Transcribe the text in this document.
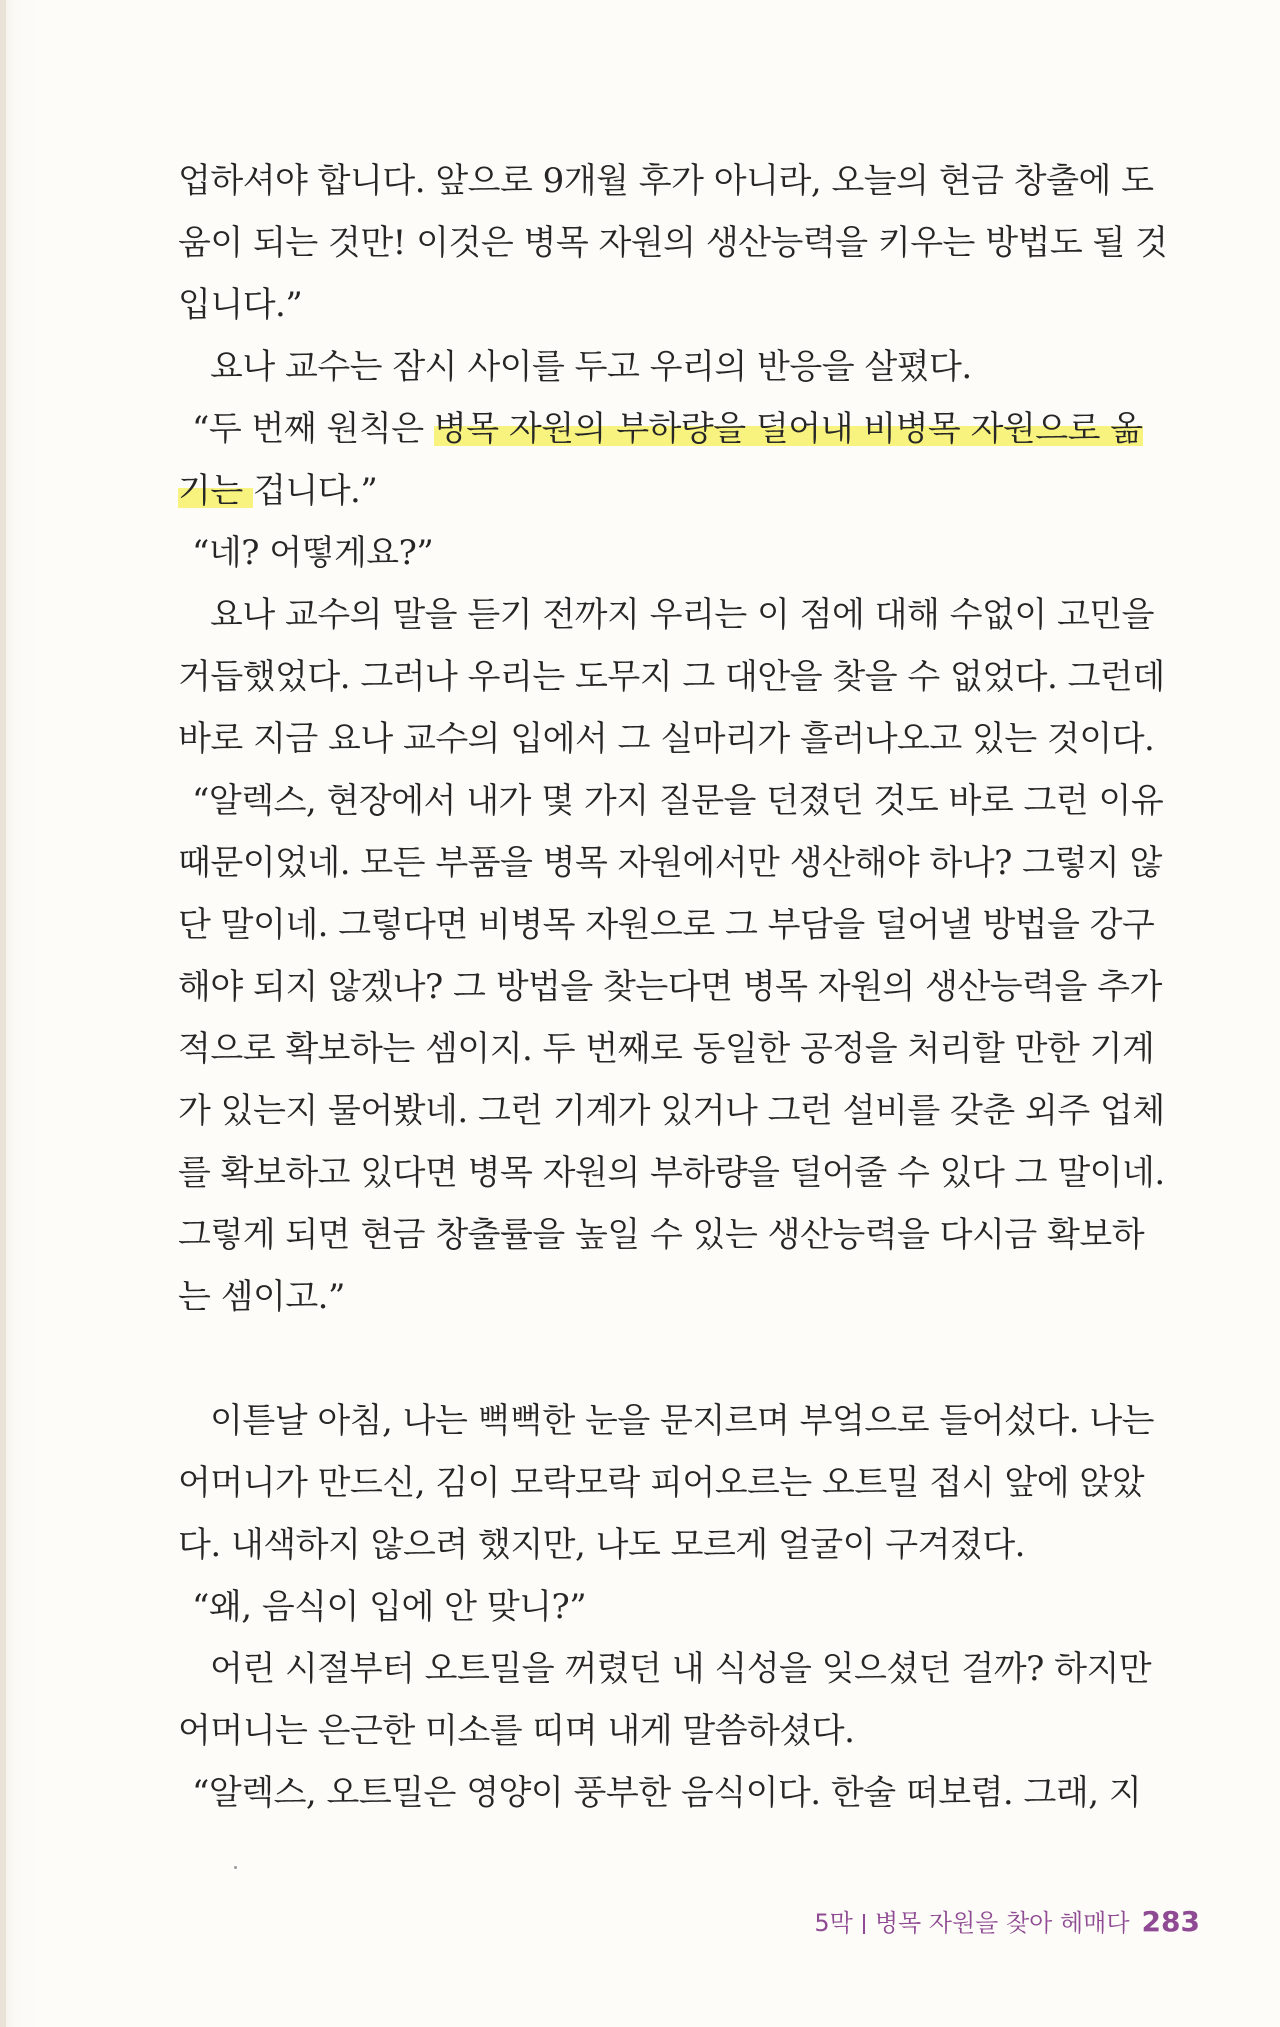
업하셔야 합니다. 앞으로 9개월 후가 아니라, 오늘의 현금 창출에 도
움이 되는 것만! 이것은 병목 자원의 생산능력을 키우는 방법도 될 것
입니다.”
요나 교수는 잠시 사이를 두고 우리의 반응을 살폈다.
“두 번째 원칙은 병목 자원의 부하량을 덜어내 비병목 자원으로 옮
기는 겁니다.”
“네? 어떻게요?”
요나 교수의 말을 듣기 전까지 우리는 이 점에 대해 수없이 고민을
거듭했었다. 그러나 우리는 도무지 그 대안을 찾을 수 없었다. 그런데
바로 지금 요나 교수의 입에서 그 실마리가 흘러나오고 있는 것이다.
“알렉스, 현장에서 내가 몇 가지 질문을 던졌던 것도 바로 그런 이유
때문이었네. 모든 부품을 병목 자원에서만 생산해야 하나? 그렇지 않
단 말이네. 그렇다면 비병목 자원으로 그 부담을 덜어낼 방법을 강구
해야 되지 않겠나? 그 방법을 찾는다면 병목 자원의 생산능력을 추가
적으로 확보하는 셈이지. 두 번째로 동일한 공정을 처리할 만한 기계
가 있는지 물어봤네. 그런 기계가 있거나 그런 설비를 갖춘 외주 업체
를 확보하고 있다면 병목 자원의 부하량을 덜어줄 수 있다 그 말이네.
그렇게 되면 현금 창출률을 높일 수 있는 생산능력을 다시금 확보하
는 셈이고.”
이튿날 아침, 나는 뻑뻑한 눈을 문지르며 부엌으로 들어섰다. 나는
어머니가 만드신, 김이 모락모락 피어오르는 오트밀 접시 앞에 앉았
다. 내색하지 않으려 했지만, 나도 모르게 얼굴이 구겨졌다.
“왜, 음식이 입에 안 맞니?”
어린 시절부터 오트밀을 꺼렸던 내 식성을 잊으셨던 걸까? 하지만
어머니는 은근한 미소를 띠며 내게 말씀하셨다.
“알렉스, 오트밀은 영양이 풍부한 음식이다. 한술 떠보렴. 그래, 지
5막 병목 자원을 찾아 헤매다 283
